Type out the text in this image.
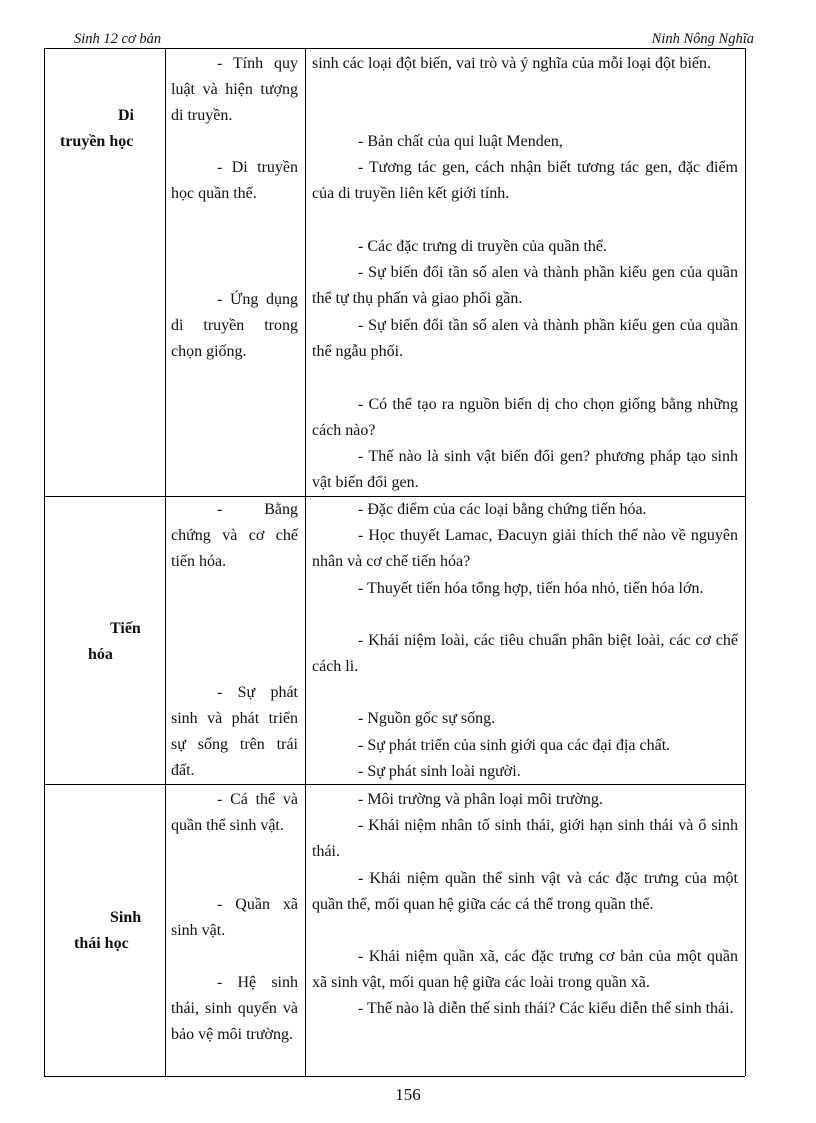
Sinh 12 cơ bản	Ninh Nông Nghĩa
Di
truyền học

- Tính quy luật và hiện tượng di truyền.

- Di truyền học quần thể.

- Ứng dụng di truyền trong chọn giống.

sinh các loại đột biến, vai trò và ý nghĩa của mỗi loại đột biến.

- Bản chất của qui luật Menden,

- Tương tác gen, cách nhận biết tương tác gen, đặc điểm của di truyền liên kết giới tính.

- Các đặc trưng di truyền của quần thể.

- Sự biến đổi tần số alen và thành phần kiểu gen của quần thể tự thụ phấn và giao phối gần.

- Sự biến đổi tần số alen và thành phần kiểu gen của quần thể ngẫu phối.

- Có thể tạo ra nguồn biến dị cho chọn giống bằng những cách nào?

- Thế nào là sinh vật biến đổi gen? phương pháp tạo sinh vật biến đổi gen.

Tiến
hóa

- Bằng chứng và cơ chế tiến hóa.

- Sự phát sinh và phát triển sự sống trên trái đất.

- Đặc điểm của các loại bằng chứng tiến hóa.

- Học thuyết Lamac, Đacuyn giải thích thế nào về nguyên nhân và cơ chế tiến hóa?

- Thuyết tiến hóa tổng hợp, tiến hóa nhỏ, tiến hóa lớn.

- Khái niệm loài, các tiêu chuẩn phân biệt loài, các cơ chế cách li.

- Nguồn gốc sự sống.

- Sự phát triển của sinh giới qua các đại địa chất.

- Sự phát sinh loài người.

Sinh
thái học

- Cá thể và quần thể sinh vật.

- Quần xã sinh vật.

- Hệ sinh thái, sinh quyển và bảo vệ môi trường.

- Môi trường và phân loại môi trường.

- Khái niệm nhân tố sinh thái, giới hạn sinh thái và ổ sinh thái.

- Khái niệm quần thể sinh vật và các đặc trưng của một quần thể, mối quan hệ giữa các cá thể trong quần thể.

- Khái niệm quần xã, các đặc trưng cơ bản của một quần xã sinh vật, mối quan hệ giữa các loài trong quần xã.

- Thế nào là diễn thế sinh thái? Các kiểu diễn thế sinh thái.

156
